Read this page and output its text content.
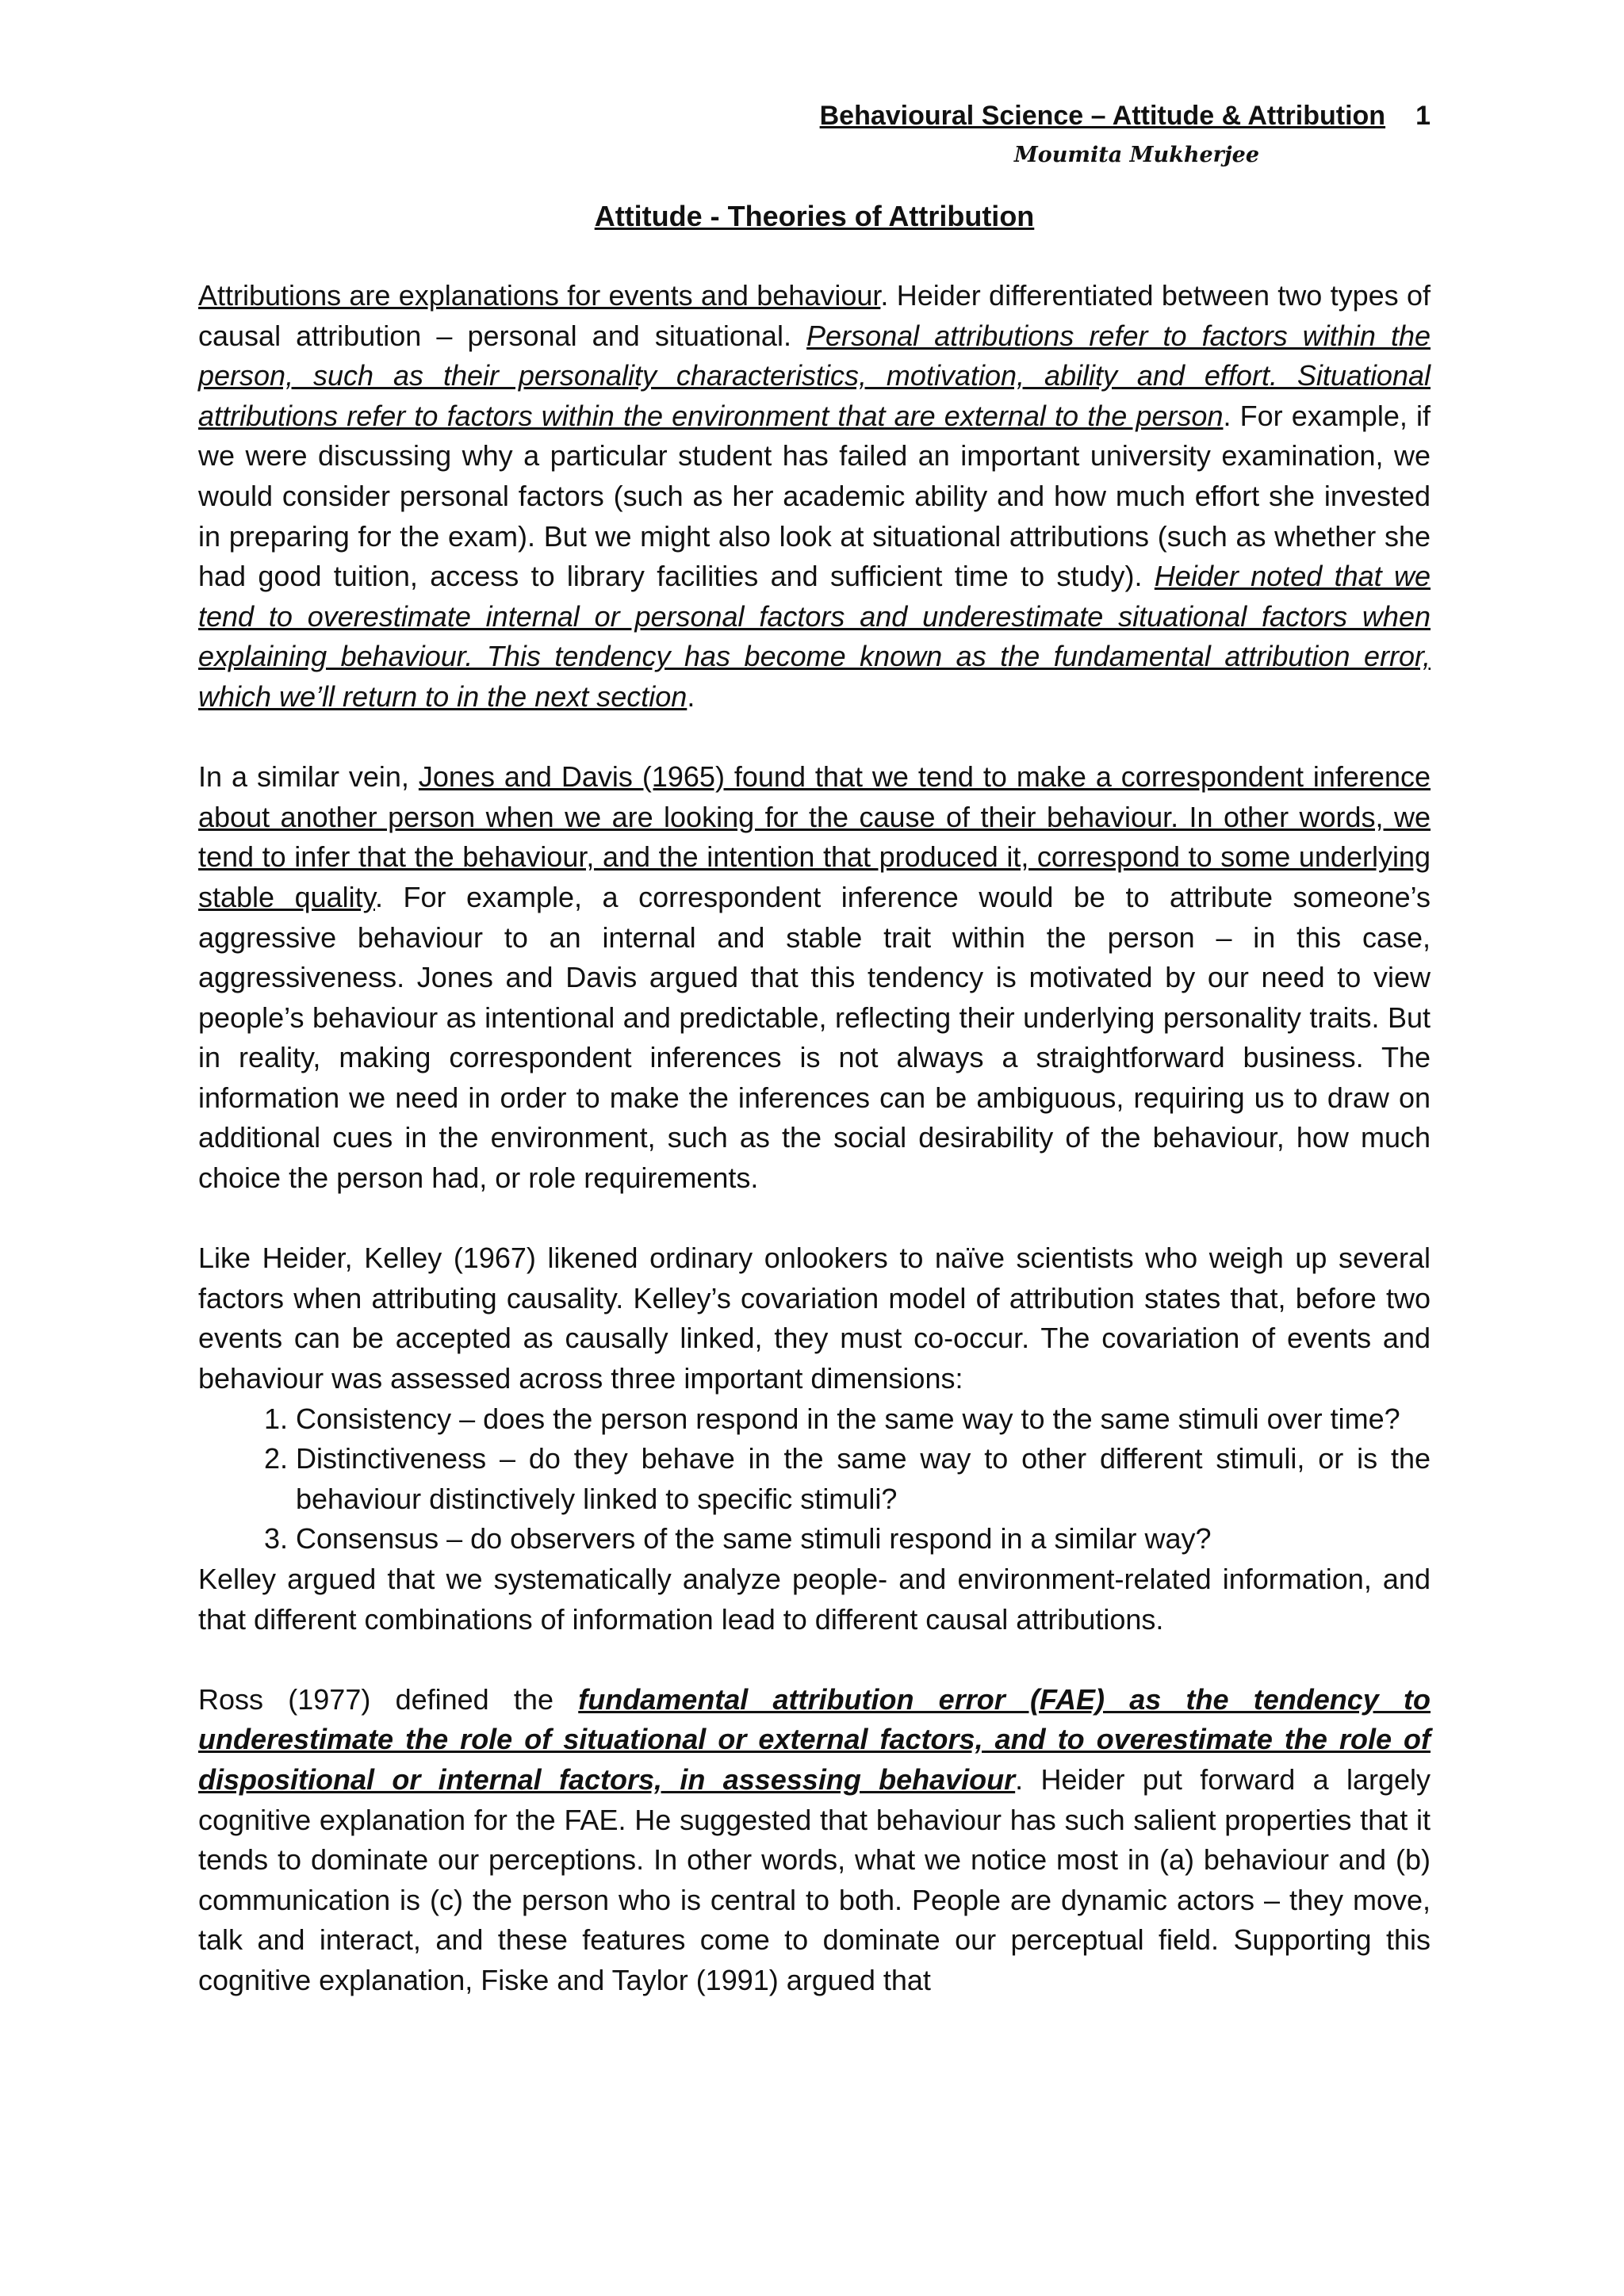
Behavioural Science – Attitude & Attribution 1
Moumita Mukherjee
Attitude - Theories of Attribution

Attributions are explanations for events and behaviour. Heider differentiated between two types of causal attribution – personal and situational. Personal attributions refer to factors within the person, such as their personality characteristics, motivation, ability and effort. Situational attributions refer to factors within the environment that are external to the person. For example, if we were discussing why a particular student has failed an important university examination, we would consider personal factors (such as her academic ability and how much effort she invested in preparing for the exam). But we might also look at situational attributions (such as whether she had good tuition, access to library facilities and sufficient time to study). Heider noted that we tend to overestimate internal or personal factors and underestimate situational factors when explaining behaviour. This tendency has become known as the fundamental attribution error, which we’ll return to in the next section.

In a similar vein, Jones and Davis (1965) found that we tend to make a correspondent inference about another person when we are looking for the cause of their behaviour. In other words, we tend to infer that the behaviour, and the intention that produced it, correspond to some underlying stable quality. For example, a correspondent inference would be to attribute someone’s aggressive behaviour to an internal and stable trait within the person – in this case, aggressiveness. Jones and Davis argued that this tendency is motivated by our need to view people’s behaviour as intentional and predictable, reflecting their underlying personality traits. But in reality, making correspondent inferences is not always a straightforward business. The information we need in order to make the inferences can be ambiguous, requiring us to draw on additional cues in the environment, such as the social desirability of the behaviour, how much choice the person had, or role requirements.

Like Heider, Kelley (1967) likened ordinary onlookers to naïve scientists who weigh up several factors when attributing causality. Kelley’s covariation model of attribution states that, before two events can be accepted as causally linked, they must co-occur. The covariation of events and behaviour was assessed across three important dimensions:

1. Consistency – does the person respond in the same way to the same stimuli over time?
2. Distinctiveness – do they behave in the same way to other different stimuli, or is the behaviour distinctively linked to specific stimuli?
3. Consensus – do observers of the same stimuli respond in a similar way?

Kelley argued that we systematically analyze people- and environment-related information, and that different combinations of information lead to different causal attributions.

Ross (1977) defined the fundamental attribution error (FAE) as the tendency to underestimate the role of situational or external factors, and to overestimate the role of dispositional or internal factors, in assessing behaviour. Heider put forward a largely cognitive explanation for the FAE. He suggested that behaviour has such salient properties that it tends to dominate our perceptions. In other words, what we notice most in (a) behaviour and (b) communication is (c) the person who is central to both. People are dynamic actors – they move, talk and interact, and these features come to dominate our perceptual field. Supporting this cognitive explanation, Fiske and Taylor (1991) argued that
